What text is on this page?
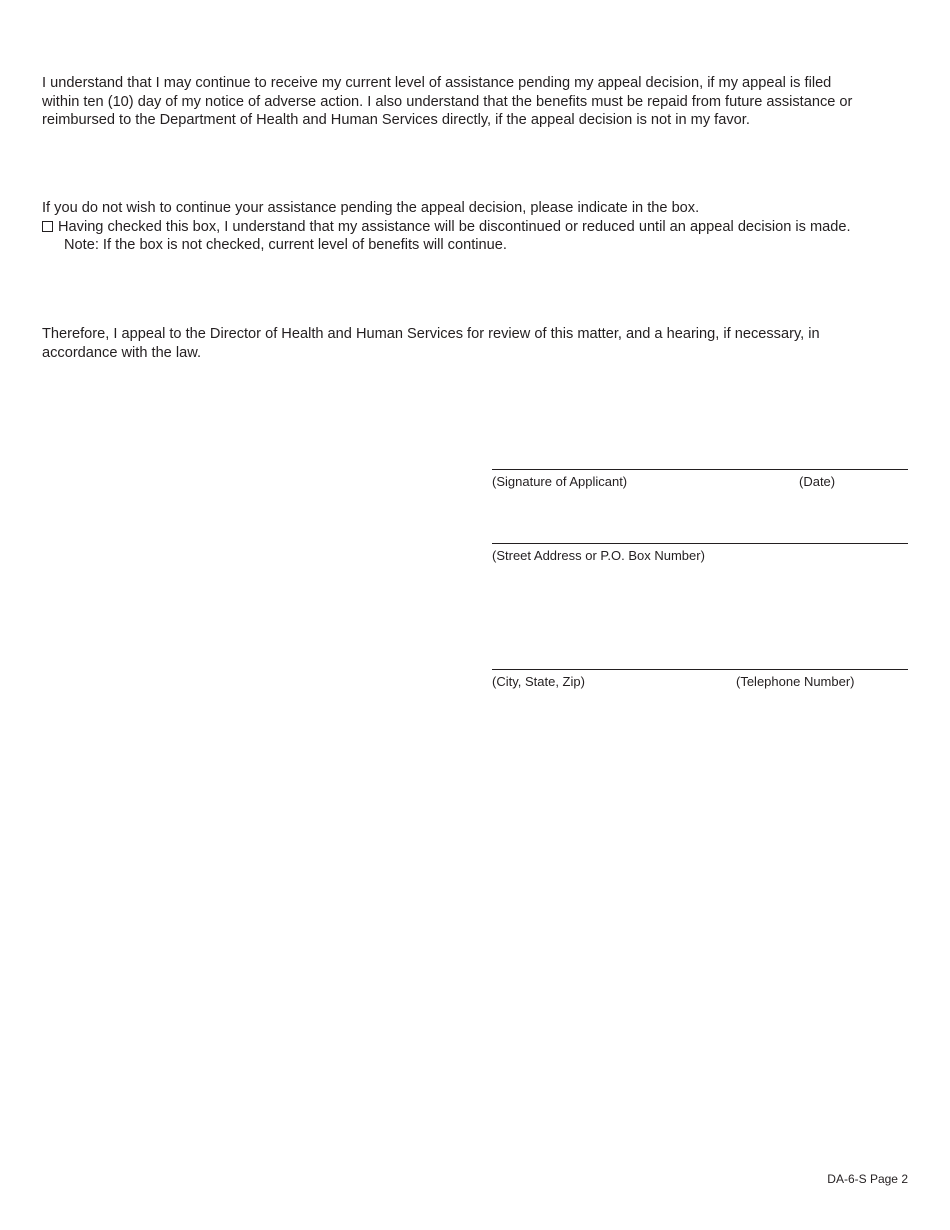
I understand that I may continue to receive my current level of assistance pending my appeal decision, if my appeal is filed
within ten (10) day of my notice of adverse action. I also understand that the benefits must be repaid from future assistance or
reimbursed to the Department of Health and Human Services directly, if the appeal decision is not in my favor.
If you do not wish to continue your assistance pending the appeal decision, please indicate in the box.
Having checked this box, I understand that my assistance will be discontinued or reduced until an appeal decision is made.
Note: If the box is not checked, current level of benefits will continue.
Therefore, I appeal to the Director of Health and Human Services for review of this matter, and a hearing, if necessary, in
accordance with the law.
(Signature of Applicant)	(Date)
(Street Address or P.O. Box Number)
(City, State, Zip)	(Telephone Number)
DA-6-S Page 2
